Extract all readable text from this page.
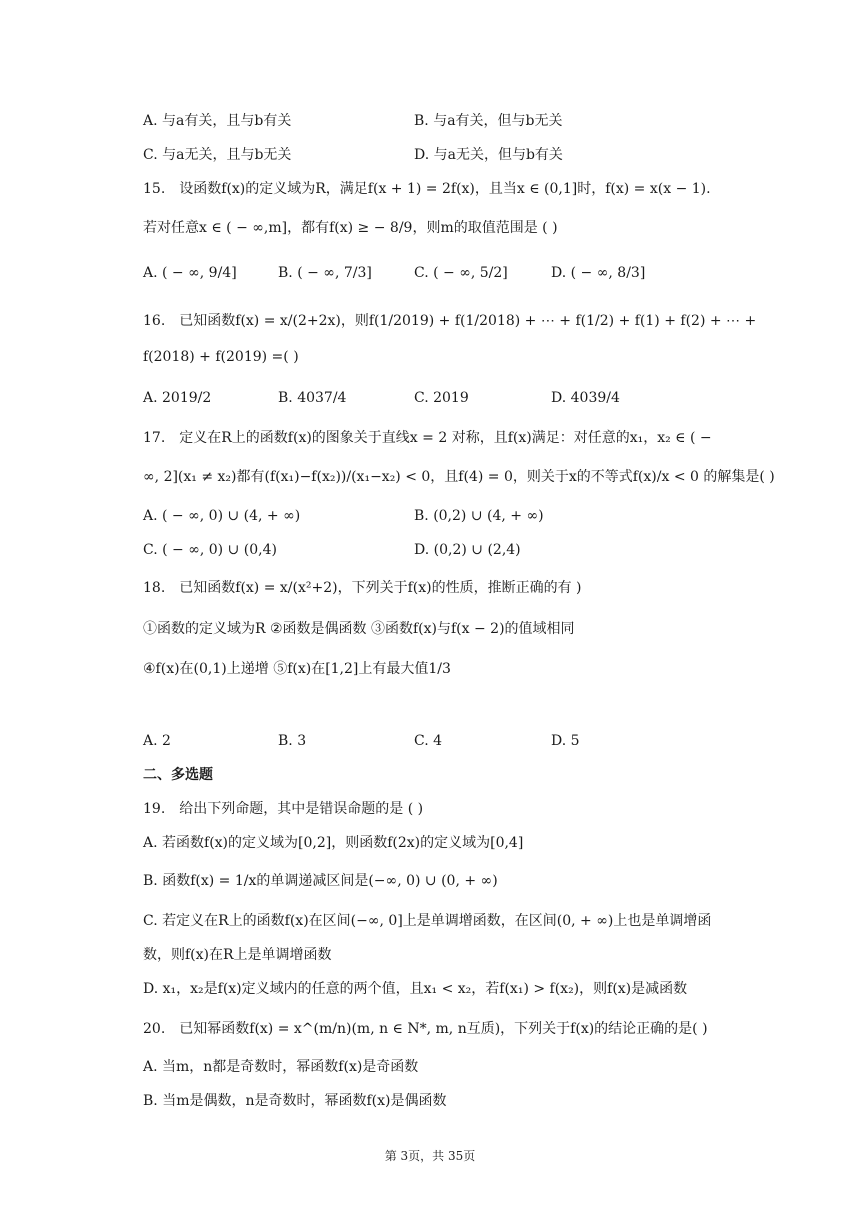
A. 与a有关，且与b有关	B. 与a有关，但与b无关
C. 与a无关，且与b无关	D. 与a无关，但与b有关
15. 设函数f(x)的定义域为R，满足f(x + 1) = 2f(x)，且当x ∈ (0,1]时，f(x) = x(x − 1).
若对任意x ∈ ( − ∞,m]，都有f(x) ≥ − 8/9，则m的取值范围是 ( )
A. ( − ∞, 9/4]	B. ( − ∞, 7/3]	C. ( − ∞, 5/2]	D. ( − ∞, 8/3]
16. 已知函数f(x) = x/(2+2x)，则f(1/2019) + f(1/2018) + ⋯ + f(1/2) + f(1) + f(2) + ⋯ +
f(2018) + f(2019) =( )
A. 2019/2	B. 4037/4	C. 2019	D. 4039/4
17. 定义在R上的函数f(x)的图象关于直线x = 2 对称，且f(x)满足：对任意的x₁，x₂ ∈ ( −
∞, 2](x₁ ≠ x₂)都有(f(x₁)−f(x₂))/(x₁−x₂) < 0，且f(4) = 0，则关于x的不等式f(x)/x < 0 的解集是( )
A. ( − ∞, 0) ∪ (4, + ∞)	B. (0,2) ∪ (4, + ∞)
C. ( − ∞, 0) ∪ (0,4)	D. (0,2) ∪ (2,4)
18. 已知函数f(x) = x/(x²+2)，下列关于f(x)的性质，推断正确的有 )
①函数的定义域为R ②函数是偶函数 ③函数f(x)与f(x − 2)的值域相同
④f(x)在(0,1)上递增 ⑤f(x)在[1,2]上有最大值1/3
A. 2	B. 3	C. 4	D. 5
二、多选题
19. 给出下列命题，其中是错误命题的是 ( )
A. 若函数f(x)的定义域为[0,2]，则函数f(2x)的定义域为[0,4]
B. 函数f(x) = 1/x的单调递减区间是(−∞, 0) ∪ (0, + ∞)
C. 若定义在R上的函数f(x)在区间(−∞, 0]上是单调增函数，在区间(0, + ∞)上也是单调增函
数，则f(x)在R上是单调增函数
D. x₁，x₂是f(x)定义域内的任意的两个值，且x₁ < x₂，若f(x₁) > f(x₂)，则f(x)是减函数
20. 已知幂函数f(x) = x^(m/n)(m, n ∈ N*, m, n互质)，下列关于f(x)的结论正确的是( )
A. 当m，n都是奇数时，幂函数f(x)是奇函数
B. 当m是偶数，n是奇数时，幂函数f(x)是偶函数
第 3页，共 35页
